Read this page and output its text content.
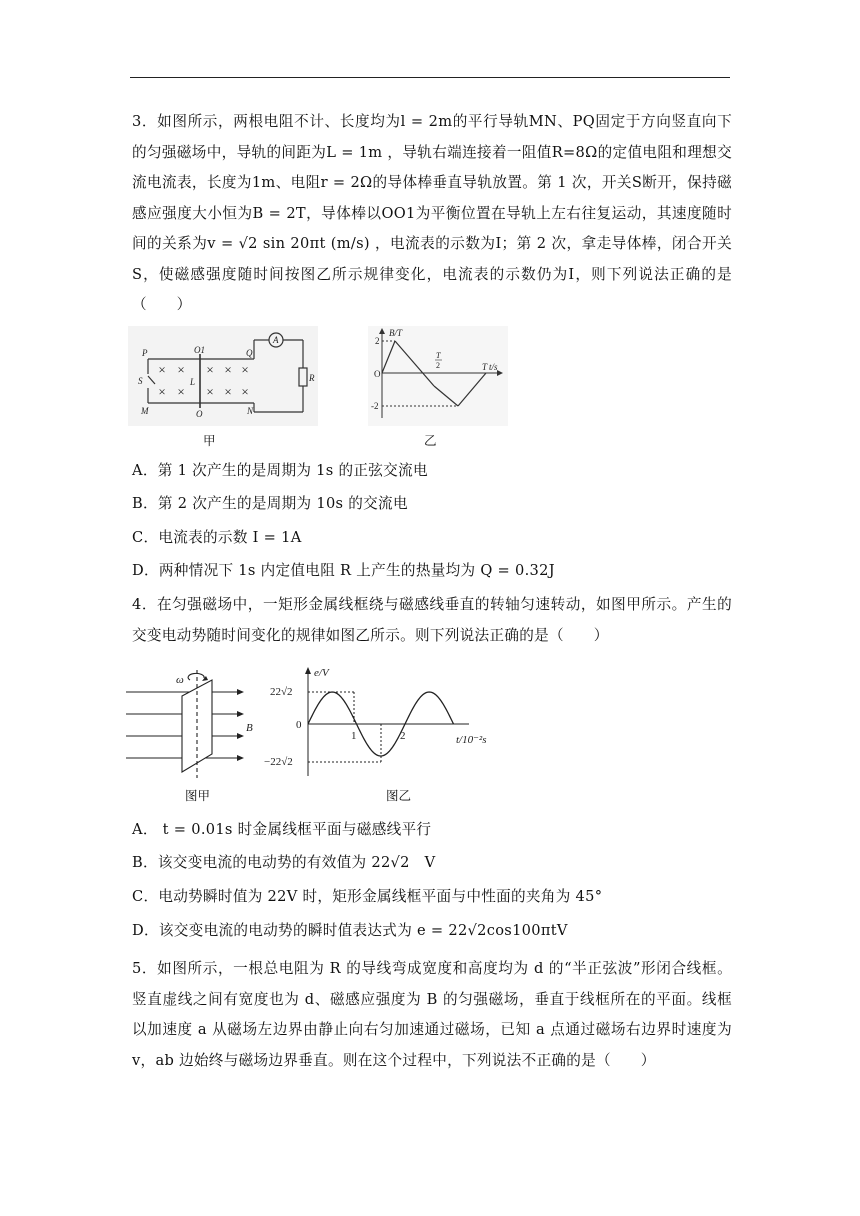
3．如图所示，两根电阻不计、长度均为l = 2m的平行导轨MN、PQ固定于方向竖直向下的匀强磁场中，导轨的间距为L = 1m ，导轨右端连接着一阻值R=8Ω的定值电阻和理想交流电流表，长度为1m、电阻r = 2Ω的导体棒垂直导轨放置。第 1 次，开关S断开，保持磁感应强度大小恒为B = 2T，导体棒以OO1为平衡位置在导轨上左右往复运动，其速度随时间的关系为v = √2 sin 20πt (m/s) ，电流表的示数为I；第 2 次，拿走导体棒，闭合开关S，使磁感强度随时间按图乙所示规律变化，电流表的示数仍为I，则下列说法正确的是（　　）

× × × × ×
× × × × ×
P	O1	Q
S	L
M	O	N
R
A
甲
B/T
t/s
2
-2
O
T
2	T
乙
A．第 1 次产生的是周期为 1s 的正弦交流电
B．第 2 次产生的是周期为 10s 的交流电
C．电流表的示数 I = 1A
D．两种情况下 1s 内定值电阻 R 上产生的热量均为 Q = 0.32J

4．在匀强磁场中，一矩形金属线框绕与磁感线垂直的转轴匀速转动，如图甲所示。产生的交变电动势随时间变化的规律如图乙所示。则下列说法正确的是（　　）

ω
B
图甲
e/V
t/10⁻²s
22√2
−22√2
0
1	2
图乙
A． t = 0.01s 时金属线框平面与磁感线平行
B．该交变电流的电动势的有效值为 22√2　V
C．电动势瞬时值为 22V 时，矩形金属线框平面与中性面的夹角为 45°
D．该交变电流的电动势的瞬时值表达式为 e = 22√2cos100πtV

5．如图所示，一根总电阻为 R 的导线弯成宽度和高度均为 d 的“半正弦波”形闭合线框。竖直虚线之间有宽度也为 d、磁感应强度为 B 的匀强磁场，垂直于线框所在的平面。线框以加速度 a 从磁场左边界由静止向右匀加速通过磁场，已知 a 点通过磁场右边界时速度为 v，ab 边始终与磁场边界垂直。则在这个过程中，下列说法不正确的是（　　）
